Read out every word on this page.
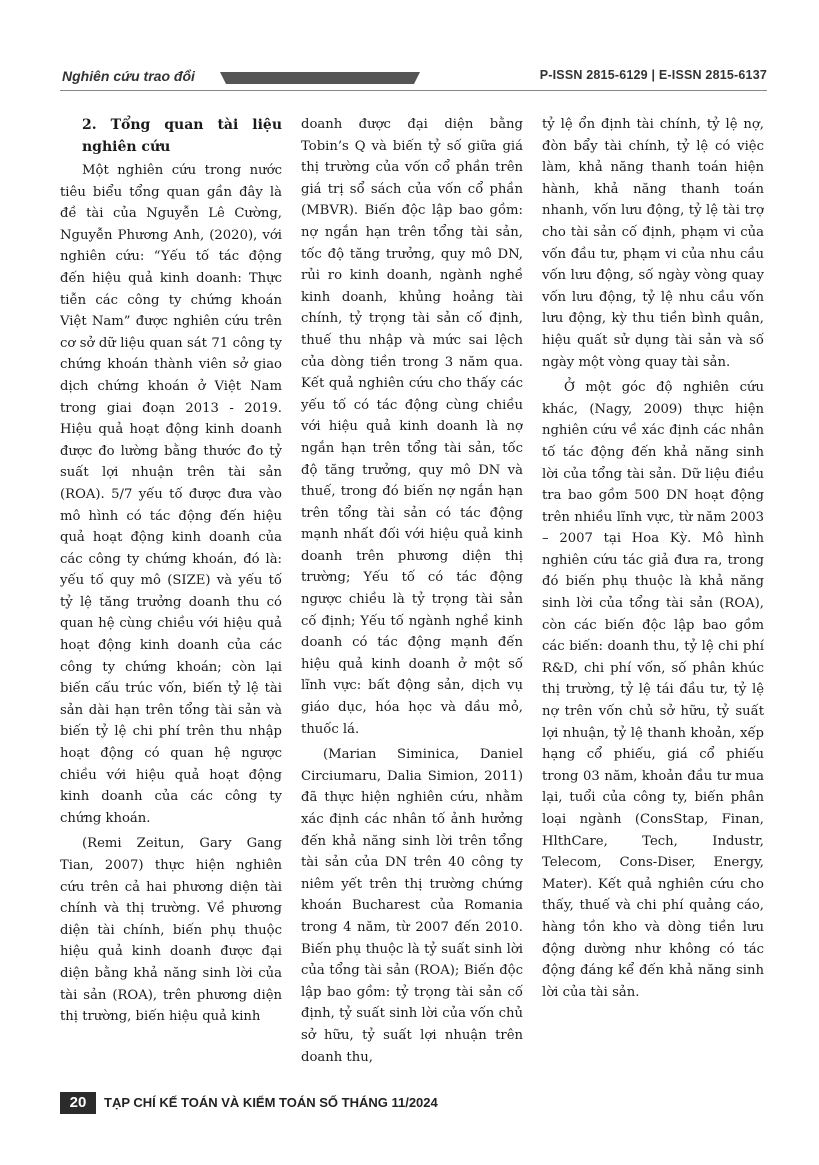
Nghiên cứu trao đổi	P-ISSN 2815-6129 | E-ISSN 2815-6137
2. Tổng quan tài liệu nghiên cứu

Một nghiên cứu trong nước tiêu biểu tổng quan gần đây là đề tài của Nguyễn Lê Cường, Nguyễn Phương Anh, (2020), với nghiên cứu: “Yếu tố tác động đến hiệu quả kinh doanh: Thực tiễn các công ty chứng khoán Việt Nam” được nghiên cứu trên cơ sở dữ liệu quan sát 71 công ty chứng khoán thành viên sở giao dịch chứng khoán ở Việt Nam trong giai đoạn 2013 - 2019. Hiệu quả hoạt động kinh doanh được đo lường bằng thước đo tỷ suất lợi nhuận trên tài sản (ROA). 5/7 yếu tố được đưa vào mô hình có tác động đến hiệu quả hoạt động kinh doanh của các công ty chứng khoán, đó là: yếu tố quy mô (SIZE) và yếu tố tỷ lệ tăng trưởng doanh thu có quan hệ cùng chiều với hiệu quả hoạt động kinh doanh của các công ty chứng khoán; còn lại biến cấu trúc vốn, biến tỷ lệ tài sản dài hạn trên tổng tài sản và biến tỷ lệ chi phí trên thu nhập hoạt động có quan hệ ngược chiều với hiệu quả hoạt động kinh doanh của các công ty chứng khoán.

(Remi Zeitun, Gary Gang Tian, 2007) thực hiện nghiên cứu trên cả hai phương diện tài chính và thị trường. Về phương diện tài chính, biến phụ thuộc hiệu quả kinh doanh được đại diện bằng khả năng sinh lời của tài sản (ROA), trên phương diện thị trường, biến hiệu quả kinh

doanh được đại diện bằng Tobin’s Q và biến tỷ số giữa giá thị trường của vốn cổ phần trên giá trị sổ sách của vốn cổ phần (MBVR). Biến độc lập bao gồm: nợ ngắn hạn trên tổng tài sản, tốc độ tăng trưởng, quy mô DN, rủi ro kinh doanh, ngành nghề kinh doanh, khủng hoảng tài chính, tỷ trọng tài sản cố định, thuế thu nhập và mức sai lệch của dòng tiền trong 3 năm qua. Kết quả nghiên cứu cho thấy các yếu tố có tác động cùng chiều với hiệu quả kinh doanh là nợ ngắn hạn trên tổng tài sản, tốc độ tăng trưởng, quy mô DN và thuế, trong đó biến nợ ngắn hạn trên tổng tài sản có tác động mạnh nhất đối với hiệu quả kinh doanh trên phương diện thị trường; Yếu tố có tác động ngược chiều là tỷ trọng tài sản cố định; Yếu tố ngành nghề kinh doanh có tác động mạnh đến hiệu quả kinh doanh ở một số lĩnh vực: bất động sản, dịch vụ giáo dục, hóa học và dầu mỏ, thuốc lá.

(Marian Siminica, Daniel Circiumaru, Dalia Simion, 2011) đã thực hiện nghiên cứu, nhằm xác định các nhân tố ảnh hưởng đến khả năng sinh lời trên tổng tài sản của DN trên 40 công ty niêm yết trên thị trường chứng khoán Bucharest của Romania trong 4 năm, từ 2007 đến 2010. Biến phụ thuộc là tỷ suất sinh lời của tổng tài sản (ROA); Biến độc lập bao gồm: tỷ trọng tài sản cố định, tỷ suất sinh lời của vốn chủ sở hữu, tỷ suất lợi nhuận trên doanh thu,

tỷ lệ ổn định tài chính, tỷ lệ nợ, đòn bẩy tài chính, tỷ lệ có việc làm, khả năng thanh toán hiện hành, khả năng thanh toán nhanh, vốn lưu động, tỷ lệ tài trợ cho tài sản cố định, phạm vi của vốn đầu tư, phạm vi của nhu cầu vốn lưu động, số ngày vòng quay vốn lưu động, tỷ lệ nhu cầu vốn lưu động, kỳ thu tiền bình quân, hiệu quất sử dụng tài sản và số ngày một vòng quay tài sản.

Ở một góc độ nghiên cứu khác, (Nagy, 2009) thực hiện nghiên cứu về xác định các nhân tố tác động đến khả năng sinh lời của tổng tài sản. Dữ liệu điều tra bao gồm 500 DN hoạt động trên nhiều lĩnh vực, từ năm 2003 – 2007 tại Hoa Kỳ. Mô hình nghiên cứu tác giả đưa ra, trong đó biến phụ thuộc là khả năng sinh lời của tổng tài sản (ROA), còn các biến độc lập bao gồm các biến: doanh thu, tỷ lệ chi phí R&D, chi phí vốn, số phân khúc thị trường, tỷ lệ tái đầu tư, tỷ lệ nợ trên vốn chủ sở hữu, tỷ suất lợi nhuận, tỷ lệ thanh khoản, xếp hạng cổ phiếu, giá cổ phiếu trong 03 năm, khoản đầu tư mua lại, tuổi của công ty, biến phân loại ngành (ConsStap, Finan, HlthCare, Tech, Industr, Telecom, Cons-Diser, Energy, Mater). Kết quả nghiên cứu cho thấy, thuế và chi phí quảng cáo, hàng tồn kho và dòng tiền lưu động dường như không có tác động đáng kể đến khả năng sinh lời của tài sản.

20	TẠP CHÍ KẾ TOÁN VÀ KIỂM TOÁN SỐ THÁNG 11/2024
